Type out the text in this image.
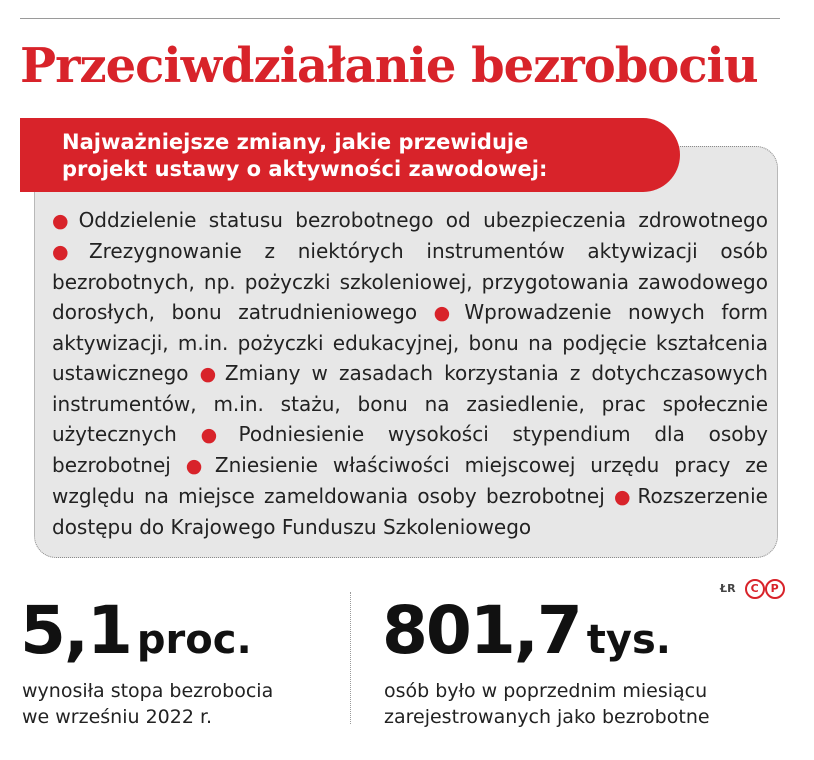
Przeciwdziałanie bezrobociu
Najważniejsze zmiany, jakie przewiduje
projekt ustawy o aktywności zawodowej:
● Oddzielenie statusu bezrobotnego od ubezpieczenia zdrowotnego ● Zrezygnowanie z niektórych instrumentów aktywizacji osób bezrobotnych, np. pożyczki szkoleniowej, przygotowania zawodowego dorosłych, bonu zatrudnieniowego ● Wprowadzenie nowych form aktywizacji, m.in. pożyczki edukacyjnej, bonu na podjęcie kształcenia ustawicznego ● Zmiany w zasadach korzystania z dotychczasowych instrumentów, m.in. stażu, bonu na zasiedlenie, prac społecznie użytecznych ● Podniesienie wysokości stypendium dla osoby bezrobotnej ● Zniesienie właściwości miejscowej urzędu pracy ze względu na miejsce zameldowania osoby bezrobotnej ● Rozszerzenie dostępu do Krajowego Funduszu Szkoleniowego
ŁR C P
5,1 proc.
wynosiła stopa bezrobocia
we wrześniu 2022 r.
801,7 tys.
osób było w poprzednim miesiącu
zarejestrowanych jako bezrobotne
